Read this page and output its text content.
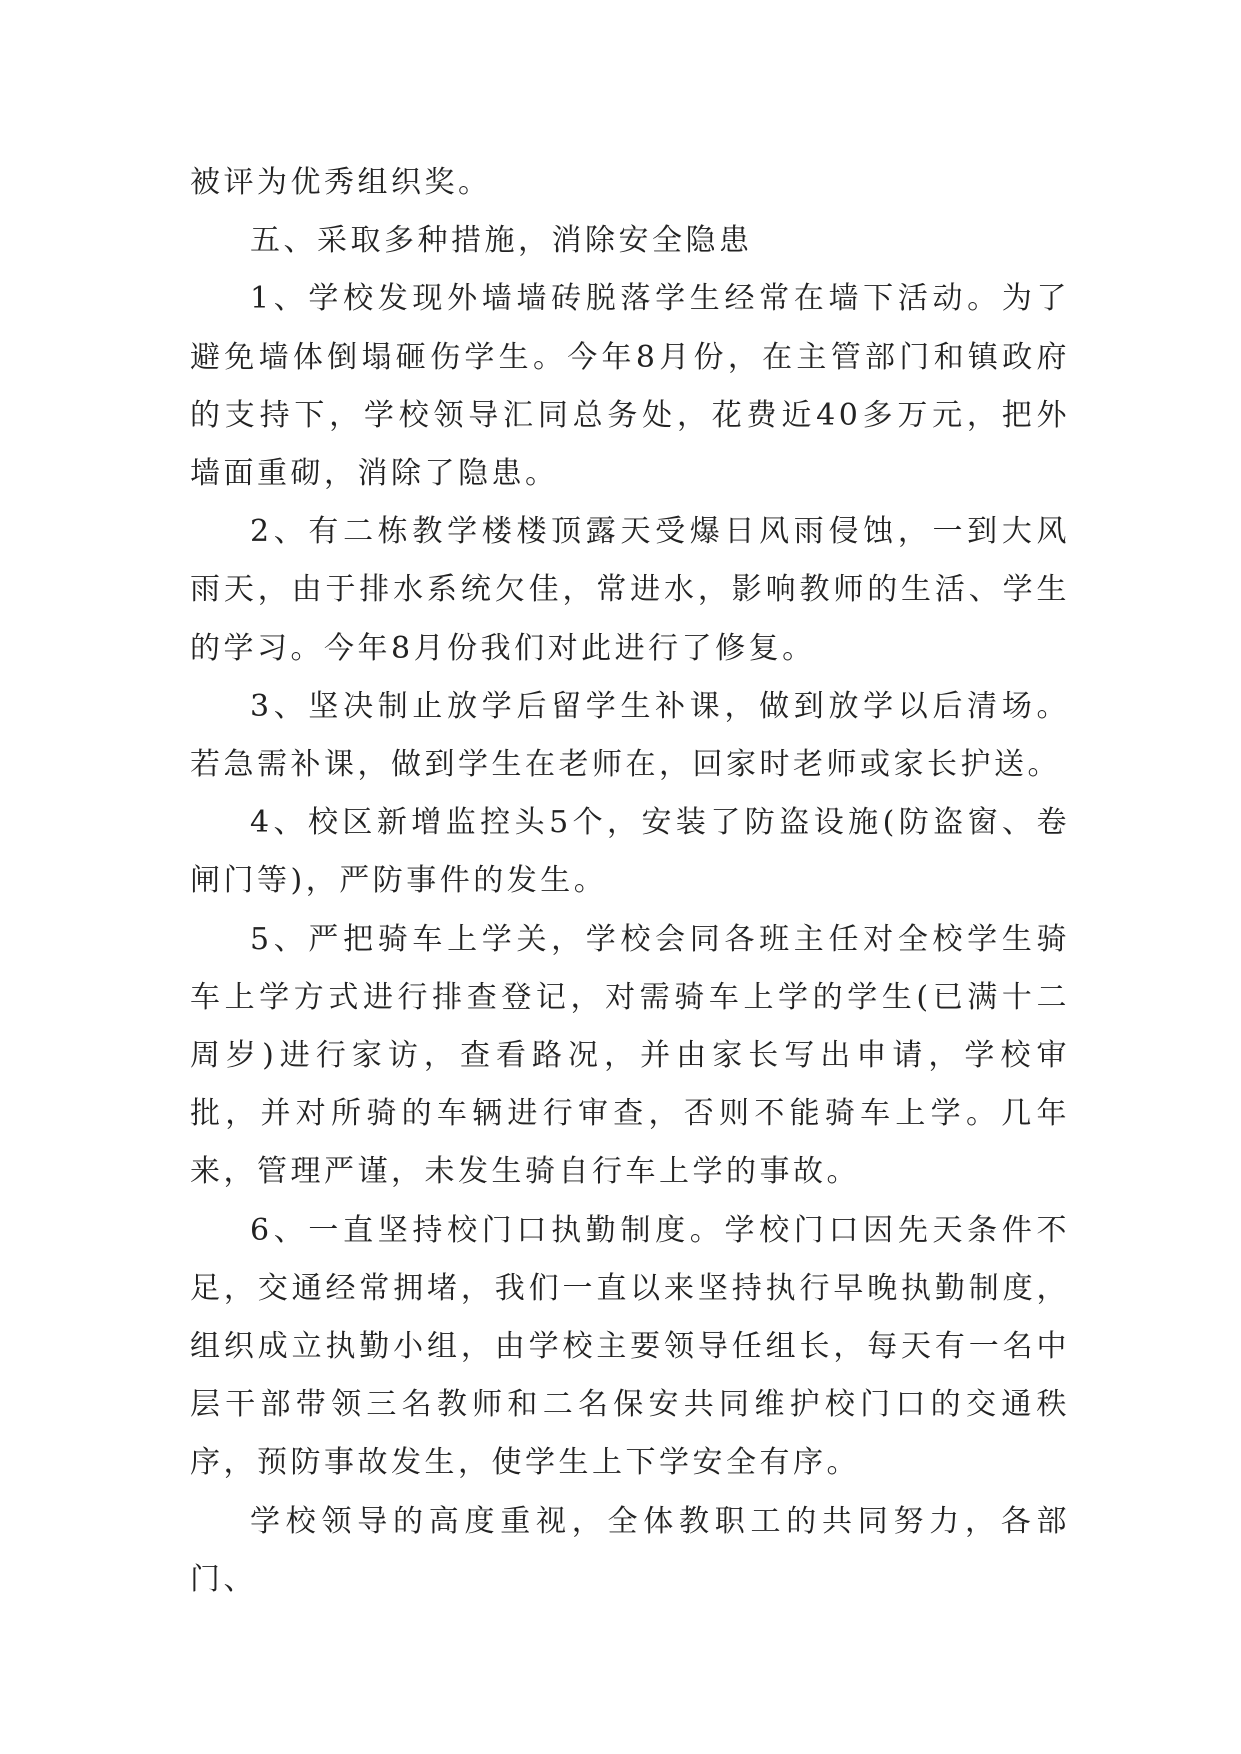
被评为优秀组织奖。

五、采取多种措施，消除安全隐患

1、学校发现外墙墙砖脱落学生经常在墙下活动。为了避免墙体倒塌砸伤学生。今年8月份，在主管部门和镇政府的支持下，学校领导汇同总务处，花费近40多万元，把外墙面重砌，消除了隐患。

2、有二栋教学楼楼顶露天受爆日风雨侵蚀，一到大风雨天，由于排水系统欠佳，常进水，影响教师的生活、学生的学习。今年8月份我们对此进行了修复。

3、坚决制止放学后留学生补课，做到放学以后清场。若急需补课，做到学生在老师在，回家时老师或家长护送。

4、校区新增监控头5个，安装了防盗设施(防盗窗、卷闸门等)，严防事件的发生。

5、严把骑车上学关，学校会同各班主任对全校学生骑车上学方式进行排查登记，对需骑车上学的学生(已满十二周岁)进行家访，查看路况，并由家长写出申请，学校审批，并对所骑的车辆进行审查，否则不能骑车上学。几年来，管理严谨，未发生骑自行车上学的事故。

6、一直坚持校门口执勤制度。学校门口因先天条件不足，交通经常拥堵，我们一直以来坚持执行早晚执勤制度，组织成立执勤小组，由学校主要领导任组长，每天有一名中层干部带领三名教师和二名保安共同维护校门口的交通秩序，预防事故发生，使学生上下学安全有序。

学校领导的高度重视，全体教职工的共同努力，各部门、
